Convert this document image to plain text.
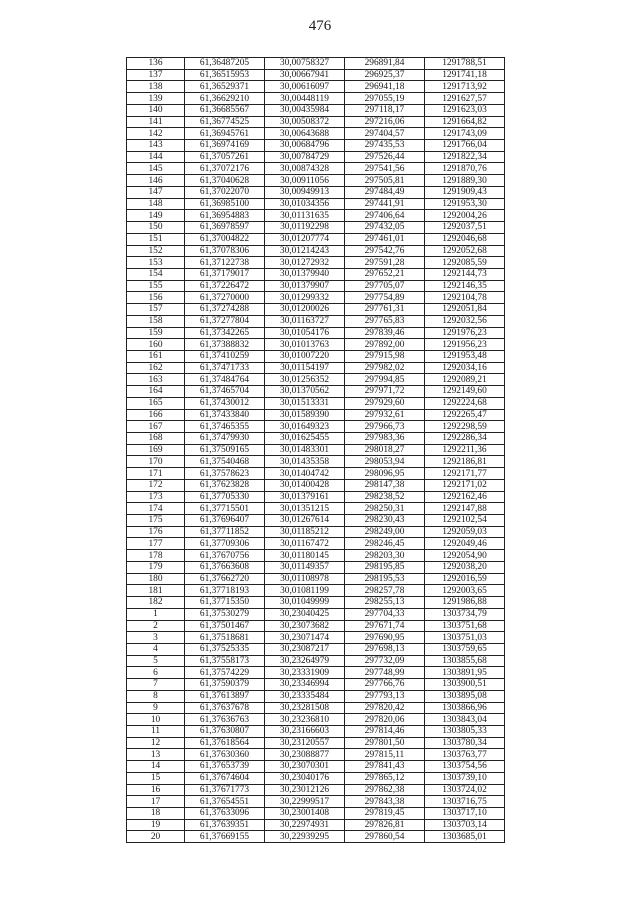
476
136	61,36487205	30,00758327	296891,84	1291788,51
137	61,36515953	30,00667941	296925,37	1291741,18
138	61,36529371	30,00616097	296941,18	1291713,92
139	61,36629210	30,00448119	297055,19	1291627,57
140	61,36685567	30,00435984	297118,17	1291623,03
141	61,36774525	30,00508372	297216,06	1291664,82
142	61,36945761	30,00643688	297404,57	1291743,09
143	61,36974169	30,00684796	297435,53	1291766,04
144	61,37057261	30,00784729	297526,44	1291822,34
145	61,37072176	30,00874328	297541,56	1291870,76
146	61,37040628	30,00911056	297505,81	1291889,30
147	61,37022070	30,00949913	297484,49	1291909,43
148	61,36985100	30,01034356	297441,91	1291953,30
149	61,36954883	30,01131635	297406,64	1292004,26
150	61,36978597	30,01192298	297432,05	1292037,51
151	61,37004822	30,01207774	297461,01	1292046,68
152	61,37078306	30,01214243	297542,76	1292052,68
153	61,37122738	30,01272932	297591,28	1292085,59
154	61,37179017	30,01379940	297652,21	1292144,73
155	61,37226472	30,01379907	297705,07	1292146,35
156	61,37270000	30,01299332	297754,89	1292104,78
157	61,37274288	30,01200026	297761,31	1292051,84
158	61,37277804	30,01163727	297765,83	1292032,56
159	61,37342265	30,01054176	297839,46	1291976,23
160	61,37388832	30,01013763	297892,00	1291956,23
161	61,37410259	30,01007220	297915,98	1291953,48
162	61,37471733	30,01154197	297982,02	1292034,16
163	61,37484764	30,01256352	297994,85	1292089,21
164	61,37465704	30,01370562	297971,72	1292149,60
165	61,37430012	30,01513331	297929,60	1292224,68
166	61,37433840	30,01589390	297932,61	1292265,47
167	61,37465355	30,01649323	297966,73	1292298,59
168	61,37479930	30,01625455	297983,36	1292286,34
169	61,37509165	30,01483301	298018,27	1292211,36
170	61,37540468	30,01435358	298053,94	1292186,81
171	61,37578623	30,01404742	298096,95	1292171,77
172	61,37623828	30,01400428	298147,38	1292171,02
173	61,37705330	30,01379161	298238,52	1292162,46
174	61,37715501	30,01351215	298250,31	1292147,88
175	61,37696407	30,01267614	298230,43	1292102,54
176	61,37711852	30,01185212	298249,00	1292059,03
177	61,37709306	30,01167472	298246,45	1292049,46
178	61,37670756	30,01180145	298203,30	1292054,90
179	61,37663608	30,01149357	298195,85	1292038,20
180	61,37662720	30,01108978	298195,53	1292016,59
181	61,37718193	30,01081199	298257,78	1292003,65
182	61,37715350	30,01049999	298255,13	1291986,88
1	61,37530279	30,23040425	297704,33	1303734,79
2	61,37501467	30,23073682	297671,74	1303751,68
3	61,37518681	30,23071474	297690,95	1303751,03
4	61,37525335	30,23087217	297698,13	1303759,65
5	61,37558173	30,23264979	297732,09	1303855,68
6	61,37574229	30,23331909	297748,99	1303891,95
7	61,37590379	30,23346994	297766,76	1303900,51
8	61,37613897	30,23335484	297793,13	1303895,08
9	61,37637678	30,23281508	297820,42	1303866,96
10	61,37636763	30,23236810	297820,06	1303843,04
11	61,37630807	30,23166603	297814,46	1303805,33
12	61,37618564	30,23120557	297801,50	1303780,34
13	61,37630360	30,23088877	297815,11	1303763,77
14	61,37653739	30,23070301	297841,43	1303754,56
15	61,37674604	30,23040176	297865,12	1303739,10
16	61,37671773	30,23012126	297862,38	1303724,02
17	61,37654551	30,22999517	297843,38	1303716,75
18	61,37633096	30,23001408	297819,45	1303717,10
19	61,37639351	30,22974931	297826,81	1303703,14
20	61,37669155	30,22939295	297860,54	1303685,01
